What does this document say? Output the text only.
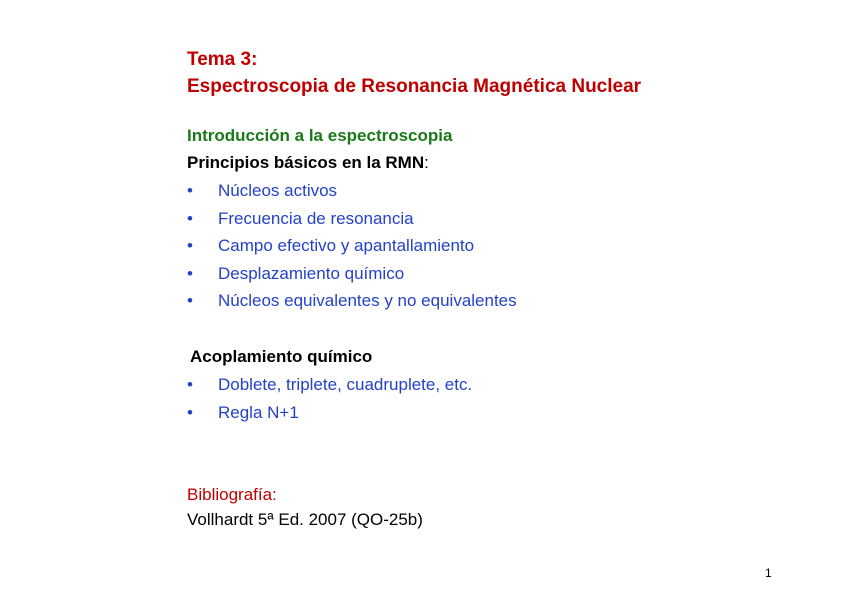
Tema 3:
Espectroscopia de Resonancia Magnética Nuclear
Introducción a la espectroscopia
Principios básicos en la RMN:
• Núcleos activos
• Frecuencia de resonancia
• Campo efectivo y apantallamiento
• Desplazamiento químico
• Núcleos equivalentes y no equivalentes
Acoplamiento químico
• Doblete, triplete, cuadruplete, etc.
• Regla N+1
Bibliografía:
Vollhardt 5ª Ed. 2007 (QO-25b)
1
